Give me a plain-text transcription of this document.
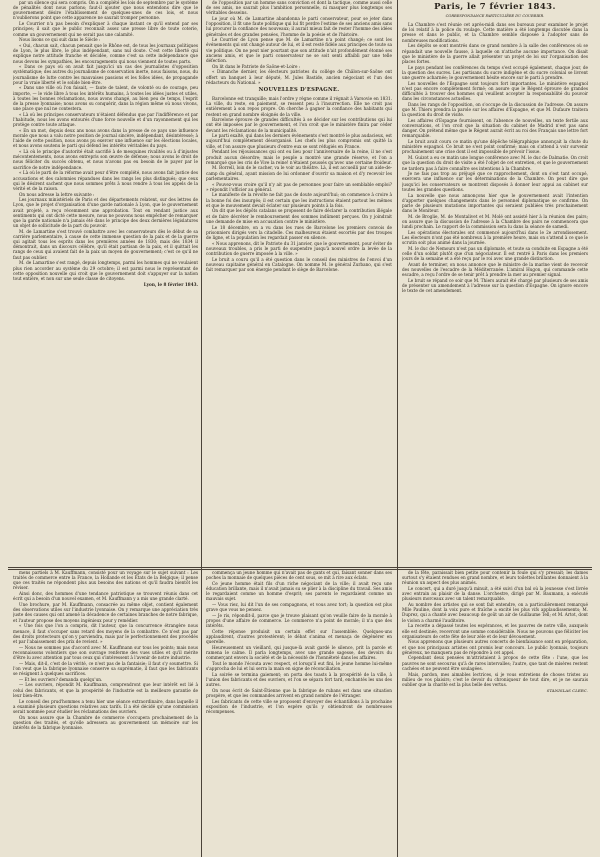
par un silence qui sera compris. On a complété les lois de septembre par le système de pénalités dont nous parlons; faut-il ajouter que nous entendons dire que le gouvernement désire l'établissement de quelques-unes de ces lois, et nous n'oublierons point que cette apparence ne saurait tromper personne.

Le Courrier n'a pas besoin d'expliquer à chaque instant ce qu'il entend par ses principes; il sait que le public reconnaît assez une presse libre de toute coterie, comme un gouvernement qui ne serait pas une calamité.

Nous lisons ce qui suit dans le Siècle :

« Oui, chacun sait, chacun pensait que le Rhône est, de tous les journaux politiques de Lyon, le plus libre, le plus indépendant, sans nul doute. C'est cette liberté qui explique notre attitude franche et décidée, comme c'est sa cette indépendance que nous devons les sympathies, les encouragements qui nous viennent de toutes parts.

« Dans ce pays où on avait fait jusqu'ici un cas des journalistes d'opposition systématique; des autres du journalisme de conservation inerte, nous faisons, nous, du journalisme de lutte contre les mauvaises passions et les folles idées, de propagande pour la vraie liberté et le solide bien-être.

« Dans une ville où l'on faisait, — faute de talent, de volonté ou de courage, peu importe, — le vide libre à tous les intérêts humains, à toutes les idées justes et utiles, à toutes les bonnes réclamations, nous avons changé, au bien peu de temps, l'esprit de la presse lyonnaise; nous avons su conquérir, dans la région même où nous vivons, une place que nul ne contestera.

« Là où les principes conservateurs n'étaient défendus que par l'indifférence et par l'habitude, nous les avons entourés d'une force nouvelle et d'un rayonnement qui les protège contre toute attaque.

« En un mot, depuis deux ans nous avons dans la presse de ce pays une influence morale que nous a valu notre position de journal sincère, indépendant, désintéressé; à l'aide de cette position, nous avons pu exercer une influence sur les élections locales, et nous avons soutenu le parti qui défend les intérêts véritables du pays.

« Là où le principe d'autorité était sacrifié à de mesquines rivalités ou à d'injustes mécontentements, nous avons entrepris son œuvre de défense; nous avons le droit de nous féliciter du succès obtenu, et nous n'avons pas eu besoin de le payer par le sacrifice de notre indépendance.

« Là où le parti de la réforme avait peur d'être complété, nous avons fait justice des accusations et des calomnies répandues dans les rangs les plus distingués; que ceux qui le désirent sachent que nous sommes prêts à nous rendre à tous les appels de la vérité et de la raison.

On nous adresse la lettre suivante :

Les journaux ministériels de Paris et des départements relatent, sur des lettres de Lyon, que le projet d'organisation d'une garde nationale à Lyon, que le gouvernement avait projeté, a reçu récemment une approbation. Tout en rendant justice aux sentiments qui ont dicté cette mesure, nous ne pouvons nous empêcher de remarquer que la garde nationale n'a jamais été dans le principe des deux dernières législatures un objet de sollicitude de la part du pouvoir.

M. de Lamartine s'est trouvé combattre avec les conservateurs dès le début de sa carrière parlementaire, à cause de cette immense question de la paix et de la guerre qui agitait tous les esprits dans les premières années de 1830; mais dès 1834 il démontrait, dans un discours célèbre, qu'il était partisan de la paix, et il quittait les rangs de ceux qui avaient fait de la paix un moyen de gouvernement; c'est ce qu'il ne faut pas oublier.

M. de Lamartine s'est rangé, depuis longtemps, parmi les hommes qui ne voulaient plus rien accorder au système du 29 octobre; il est parmi nous le représentant de cette opposition nouvelle qui croit que le gouvernement doit s'appuyer sur la nation tout entière, et non sur une seule classe de citoyens.

Lyon, le 8 février 1843.

de l'opposition par un homme sans conviction et dont la tactique, comme aussi celle de ses amis, ne saurait plus l'ambition personnelle, ni masquer plus longtemps ses véritables desseins.

Le jour où M. de Lamartine abandonna le parti conservateur, pour se jeter dans l'opposition, il fit une faute politique qui lui fit perdre l'estime de ses anciens amis sans lui procurer la confiance des nouveaux; il aurait mieux fait de rester l'homme des idées générales et des grandes pensées, l'homme de la poésie et de l'histoire.

Le Courrier de Lyon pense que M. de Lamartine n'a point changé; ce sont les événements qui ont changé autour de lui, et il est resté fidèle aux principes de toute sa vie politique. On ne peut nier pourtant que son attitude n'ait profondément étonné ses anciens amis, et que le parti conservateur ne se soit senti affaibli par une telle défection.

On lit dans le Patriote de Saône-et-Loire :

« Dimanche dernier, les électeurs patriotes du collège de Châlon-sur-Saône ont offert un banquet à leur député, M. Jules Bastide, ancien négociant et l'un des rédacteurs du National. »

NOUVELLES D'ESPAGNE.

Barcelonne est tranquille; mais l'ordre y règne comme il régnait à Varsovie en 1831. La ville, du reste, en paiement, se ressent peu à l'insurrection. Elle ne croit pas entièrement à son repos propre. On cherche à gagner la confiance des habitants qui restent en grand nombre éloignés de la ville.

Barcelone éprouve de grandes difficultés à se décider sur les contributions qui lui ont été imposées par le gouvernement, et l'on croit que le ministère finira par céder devant les réclamations de la municipalité.

Le parti exalté, qui dans les derniers événements s'est montré le plus audacieux, est aujourd'hui complètement désorganisé. Les chefs les plus compromis ont quitté la ville, et l'on assure que plusieurs d'entre eux se sont réfugiés en France.

Pendant les réjouissances qui ont eu lieu pour l'anniversaire de la reine, il ne s'est produit aucun désordre; mais le peuple a montré une grande réserve, et l'on a remarqué que les cris de Vive la reine! n'étaient poussés qu'avec une certaine froideur.

M. Borrell, loin de le cacher, va le voir au théâtre. Là, il est accueilli par un aide-de-camp du général, ayant mission de lui ordonner d'ouvrir sa maison et d'y recevoir les parlementaires.

« Pouvez-vous croire qu'il n'y ait pas de personnes pour faire un semblable emploi? » répondit l'officier au général.

Le manifeste de la révolte ne fait pas de doute aujourd'hui; on commence à croire à la bonne foi des insurgés; il est certain que les instructions étaient partout les mêmes et que le mouvement devait éclater sur plusieurs points à la fois.

On dit que les dépôts catalans se proposent de faire déclarer la contribution illégale et de faire décréter le remboursement des sommes indûment perçues. On y joindrait une demande de mise en accusation contre le ministère.

Le 18 décembre, on a vu dans les rues de Barcelone les premiers convois de prisonniers dirigés vers la citadelle. Ces malheureux étaient escortés par des troupes de ligne, et la population les regardait passer en silence.

« Nous apprenons, dit le Patriote du 31 janvier, que le gouvernement, pour éviter de nouveaux troubles, a pris le parti de suspendre jusqu'à nouvel ordre la levée de la contribution de guerre imposée à la ville. »

Le bruit a couru qu'il a été question dans le conseil des ministres de l'envoi d'un nouveau capitaine général en Catalogne. On nomme M. le général Zurbano, qui s'est fait remarquer par son énergie pendant le siège de Barcelone.

Paris, le 7 février 1843.
CORRESPONDANCE PARTICULIÈRE DU COURRIER.

La Chambre s'est réunie cet après-midi dans ses bureaux pour examiner le projet de loi relatif à la police du roulage. Cette matière a été longtemps discutée dans la presse et dans le public, et la Chambre semble disposée à l'adopter sans de nombreuses modifications.

Les dépôts se sont montrés dans ce grand nombre à la salle des conférences où se répandait une nouvelle fausse, à laquelle on n'attache aucune importance. On disait que le ministère de la guerre allait présenter un projet de loi sur l'organisation des places fortes.

Le pays pendant les conférences du temps s'est occupé également, chaque jour, de la question des sucres. Les partisans du sucre indigène et du sucre colonial se livrent une guerre acharnée; le gouvernement hésite encore sur le parti à prendre.

Les nouvelles de l'Espagne sont toujours fort importantes. Le ministère espagnol n'est pas encore complètement formé; on assure que le Régent éprouve de grandes difficultés à trouver des hommes qui veuillent accepter la responsabilité du pouvoir dans les circonstances actuelles.

Dans les rangs de l'opposition, on s'occupe de la discussion de l'adresse. On assure que M. Thiers prendra la parole sur les affaires d'Espagne, et que M. Dufaure traitera la question du droit de visite.

Les affaires d'Espagne fournissent, on l'absence de nouvelles, un texte fertile aux conversations, et l'on croit que la situation du cabinet de Madrid n'est pas sans danger. On prétend même que le Régent aurait écrit au roi des Français une lettre fort remarquable.

Le bruit avait couru ce matin qu'une dépêche télégraphique annonçait la chute du ministère espagnol. Ce bruit ne s'est point confirmé; mais on s'attend à voir survenir prochainement une crise dont il est impossible de prévoir l'issue.

M. Guizot a eu ce matin une longue conférence avec M. le duc de Dalmatie. On croit que la question du droit de visite a été l'objet de cet entretien, et que le gouvernement ne tardera pas à faire connaître ses intentions à la Chambre.

Je ne fais pas trop au préjugé que ce rapprochement, dont on s'est tant occupé, exercera une influence sur les déterminations de la Chambre. On peut dire que jusqu'ici les conservateurs se montrent disposés à donner leur appui au cabinet sur toutes les grandes questions.

La nouvelle que nous annonçons hier que le gouvernement avait l'intention d'apporter quelques changements dans le personnel diplomatique se confirme. On parle de plusieurs mutations importantes qui seraient publiées très prochainement dans le Moniteur.

M. de Broglie, M. de Montalivet et M. Molé ont assisté hier à la réunion des pairs; on assure que la discussion de l'adresse à la Chambre des pairs ne commencera que lundi prochain. Le rapport de la commission sera lu dans la séance de samedi.

Les opérations électorales ont commencé aujourd'hui dans le 2e arrondissement. Les électeurs n'ont pas été nombreux à la première heure, mais on s'attend à ce que le scrutin soit plus animé dans la journée.

M. le duc de Nemours n'est pas un diplomate, et toute sa conduite en Espagne a été celle d'un soldat plutôt que d'un négociateur. Il est rentré à Paris dans les premiers jours de la semaine et a été reçu par le roi avec une grande distinction.

Avant de terminer, on nous annonce que le ministre de la marine vient de recevoir des nouvelles de l'escadre de la Méditerranée. L'amiral Hugon, qui commande cette escadre, a reçu l'ordre de se tenir prêt à prendre la mer au premier signal.

Le bruit se répand ce soir que M. Thiers aurait été chargé par plusieurs de ses amis de présenter un amendement à l'adresse sur la question d'Espagne. On ignore encore le texte de cet amendement.

mens partiels à M. Kauffmann, consisté pour un voyage sur le sujet suivant : Les traités de commerce entre la France, la Hollande et les États de la Belgique; il pense que ces traités ne répondent plus aux besoins des nations et qu'il faudra bientôt les réviser.

Ainsi donc, des hommes d'une tendance patriotique se trouvent réunis dans cet écrit qui a besoin d'un nouvel examen, et M. Kauffmann y a mis une grande clarté.

Une brochure, par M. Kauffmann, consacrée au même objet, contient également des observations utiles sur l'industrie lyonnaise. On y remarque une appréciation très juste des causes qui ont amené la décadence de certaines branches de notre fabrique, et l'auteur propose des moyens ingénieux pour y remédier.

« Une fois que l'on a compris, dit l'auteur, que la concurrence étrangère nous menace, il faut s'occuper sans retard des moyens de la combattre. Ce n'est pas par des droits protecteurs qu'on y parviendra, mais par le perfectionnement des procédés et par l'abaissement des prix de revient. »

— Nous ne sommes pas d'accord avec M. Kauffmann sur tous les points; mais nous reconnaissons volontiers que son ouvrage renferme des vues utiles et qu'il mérite d'être lu avec attention par tous ceux qui s'intéressent à l'avenir de notre industrie.

— Mais, dit-il, c'est de la vérité, ce n'est pas de la fantaisie; il faut s'y soumettre. Si l'on veut que la fabrique lyonnaise conserve sa suprématie, il faut que les fabricants se résignent à quelques sacrifices.

— Et les ouvriers? demanda quelqu'un.

— Les ouvriers, répondit M. Kauffmann, comprendront que leur intérêt est lié à celui des fabricants, et que la prospérité de l'industrie est la meilleure garantie de leur bien-être.

Le conseil des prud'hommes a tenu hier une séance extraordinaire, dans laquelle il a examiné plusieurs questions relatives aux tarifs. Il a été décidé qu'une commission serait nommée pour étudier les réclamations des ouvriers.

On nous assure que la Chambre de commerce s'occupera prochainement de la question des traités, et qu'elle adressera au gouvernement un mémoire sur les intérêts de la fabrique lyonnaise.

commença un jeune homme qui n'avait pas de gants et qui, faisant sonner dans ses poches la monnaie de quelques pièces de cent sous, se mit à rire aux éclats.

Ce jeune homme était fils d'un riche négociant de la ville; il avait reçu une éducation brillante, mais il n'avait jamais su se plier à la discipline du travail. Ses amis le regardaient comme un homme d'esprit; ses parents le regardaient comme un mauvais sujet.

— Vous riez, lui dit l'un de ses compagnons, et vous avez tort; la question est plus grave que vous ne pensez.

— Je ris, répondit-il, parce que je trouve plaisant qu'on veuille faire de la morale à propos d'une affaire de commerce. Le commerce n'a point de morale; il n'a que des intérêts.

Cette réponse produisit un certain effet sur l'assemblée. Quelques-uns applaudirent, d'autres protestèrent; le débat s'anima et menaça de dégénérer en querelle.

Heureusement un vieillard, qui jusque-là avait gardé le silence, prit la parole et ramena le calme. Il parla longtemps, avec une grande sagesse, des devoirs du commerçant envers la société et de la nécessité de l'honnêteté dans les affaires.

Tout le monde l'écouta avec respect, et lorsqu'il eut fini, le jeune homme lui-même s'approcha de lui et lui serra la main en signe de réconciliation.

La soirée se termina gaiement; on porta des toasts à la prospérité de la ville, à l'union des fabricants et des ouvriers, et l'on se sépara fort tard, enchantés les uns des autres.

On nous écrit de Saint-Étienne que la fabrique de rubans est dans une situation prospère, et que les commandes arrivent en grand nombre de l'étranger.

Les fabricants de cette ville se proposent d'envoyer des échantillons à la prochaine exposition de l'industrie, et l'on espère qu'ils y obtiendront de nombreuses récompenses.

de la fête, paraissait bien petite pour contenir la foule qui s'y pressait; les dames surtout s'y étaient rendues en grand nombre, et leurs toilettes brillantes donnaient à la réunion un aspect des plus animés.

Le concert, qui a duré jusqu'à minuit, a été suivi d'un bal où la jeunesse s'est livrée avec entrain au plaisir de la danse. L'orchestre, dirigé par M. Baumann, a exécuté plusieurs morceaux avec un talent remarquable.

Au nombre des artistes qui se sont fait entendre, on a particulièrement remarqué Mlle Pauline, dont la voix pure et fraîche a excité les plus vifs applaudissements; M. Duprez, qui a chanté avec beaucoup de goût un air de Guillaume Tell; et M. Artot, dont le violon a charmé l'auditoire.

La recette a dépassé toutes les espérances, et les pauvres de notre ville, auxquels elle est destinée, recevront une somme considérable. Nous ne pouvons que féliciter les organisateurs de cette fête de leur zèle et de leur dévouement.

Nous apprenons que plusieurs autres concerts de bienfaisance sont en préparation, et que nos principaux artistes ont promis leur concours. Le public lyonnais, toujours généreux, ne manquera pas de répondre à cet appel.

Cependant deux pensées m'attristaient à propos de cette fête : l'une, que les pauvres ne sont secourus qu'à de rares intervalles; l'autre, que tant de misères restent cachées et ne peuvent être soulagées.

Mais, pardon, mes aimables lectrices, si je vous entretiens de choses tristes au milieu de vos plaisirs; c'est le devoir du chroniqueur de tout dire, et je ne saurais oublier que la charité est la plus belle des vertus.

STANISLAS CLERC.
